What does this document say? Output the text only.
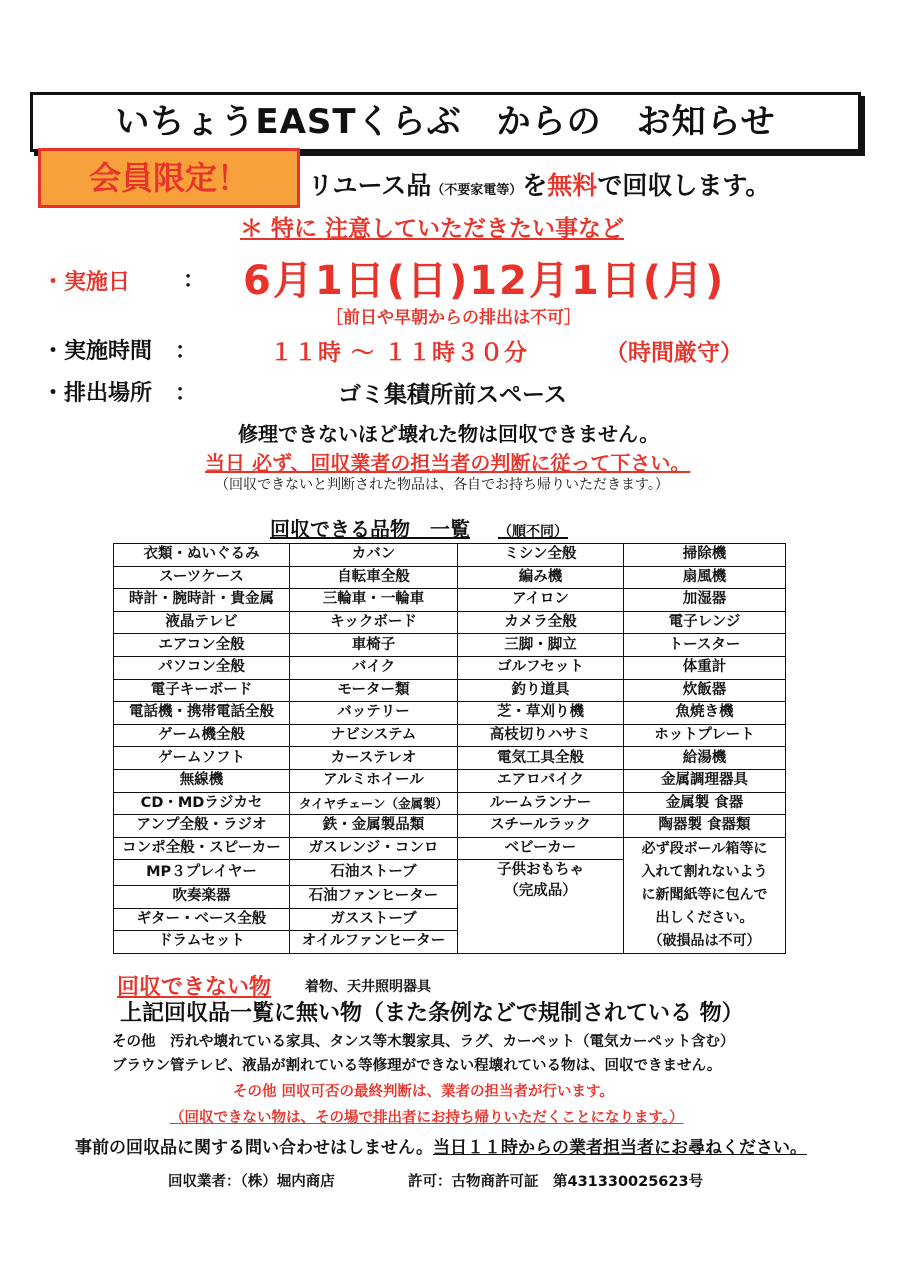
いちょうEASTくらぶ　からの　お知らせ
会員限定！	リユース品（不要家電等）を無料で回収します。
＊ 特に 注意していただきたい事など
・実施日 ： 6月1日(日)12月1日(月)
［前日や早朝からの排出は不可］
・実施時間 ：	１１時 ～ １１時３０分	（時間厳守）
・排出場所 ：	ゴミ集積所前スペース
修理できないほど壊れた物は回収できません。
当日 必ず、回収業者の担当者の判断に従って下さい。
（回収できないと判断された物品は、各自でお持ち帰りいただきます。）
回収できる品物　一覧 （順不同）
衣類・ぬいぐるみ	カバン	ミシン全般	掃除機
スーツケース	自転車全般	編み機	扇風機
時計・腕時計・貴金属	三輪車・一輪車	アイロン	加湿器
液晶テレビ	キックボード	カメラ全般	電子レンジ
エアコン全般	車椅子	三脚・脚立	トースター
パソコン全般	バイク	ゴルフセット	体重計
電子キーボード	モーター類	釣り道具	炊飯器
電話機・携帯電話全般	バッテリー	芝・草刈り機	魚焼き機
ゲーム機全般	ナビシステム	高枝切りハサミ	ホットプレート
ゲームソフト	カーステレオ	電気工具全般	給湯機
無線機	アルミホイール	エアロバイク	金属調理器具
CD・MDラジカセ	タイヤチェーン（金属製）	ルームランナー	金属製 食器
アンプ全般・ラジオ	鉄・金属製品類	スチールラック	陶器製 食器類
コンポ全般・スピーカー	ガスレンジ・コンロ	ベビーカー	必ず段ボール箱等に
入れて割れないよう
に新聞紙等に包んで
出しください。
（破損品は不可）

MP３プレイヤー	石油ストーブ	子供おもちゃ
（完成品）	

吹奏楽器	石油ファンヒーター		
ギター・ベース全般	ガスストーブ		
ドラムセット	オイルファンヒーター		
回収できない物 着物、天井照明器具
上記回収品一覧に無い物（また条例などで規制されている 物）
その他　汚れや壊れている家具、タンス等木製家具、ラグ、カーペット（電気カーペット含む）
ブラウン管テレビ、液晶が割れている等修理ができない程壊れている物は、回収できません。
その他 回収可否の最終判断は、業者の担当者が行います。
（回収できない物は、その場で排出者にお持ち帰りいただくことになります。）
事前の回収品に関する問い合わせはしません。当日１１時からの業者担当者にお尋ねください。
回収業者：（株）堀内商店	許可：古物商許可証　第431330025623号
